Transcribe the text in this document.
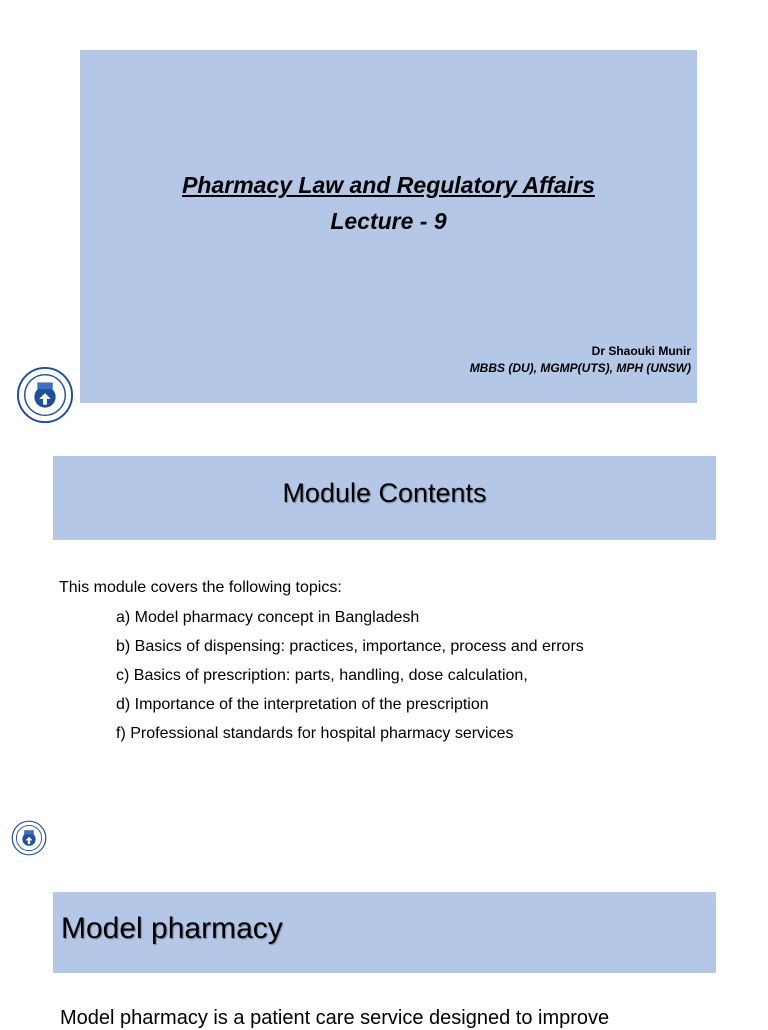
Pharmacy Law and Regulatory Affairs
Lecture - 9
Dr Shaouki Munir
MBBS (DU), MGMP(UTS), MPH (UNSW)
Module Contents
This module covers the following topics:
a) Model pharmacy concept in Bangladesh
b) Basics of dispensing: practices, importance, process and errors
c) Basics of prescription: parts, handling, dose calculation,
d) Importance of the interpretation of the prescription
f) Professional standards for hospital pharmacy services
Model pharmacy
Model pharmacy is a patient care service designed to improve
